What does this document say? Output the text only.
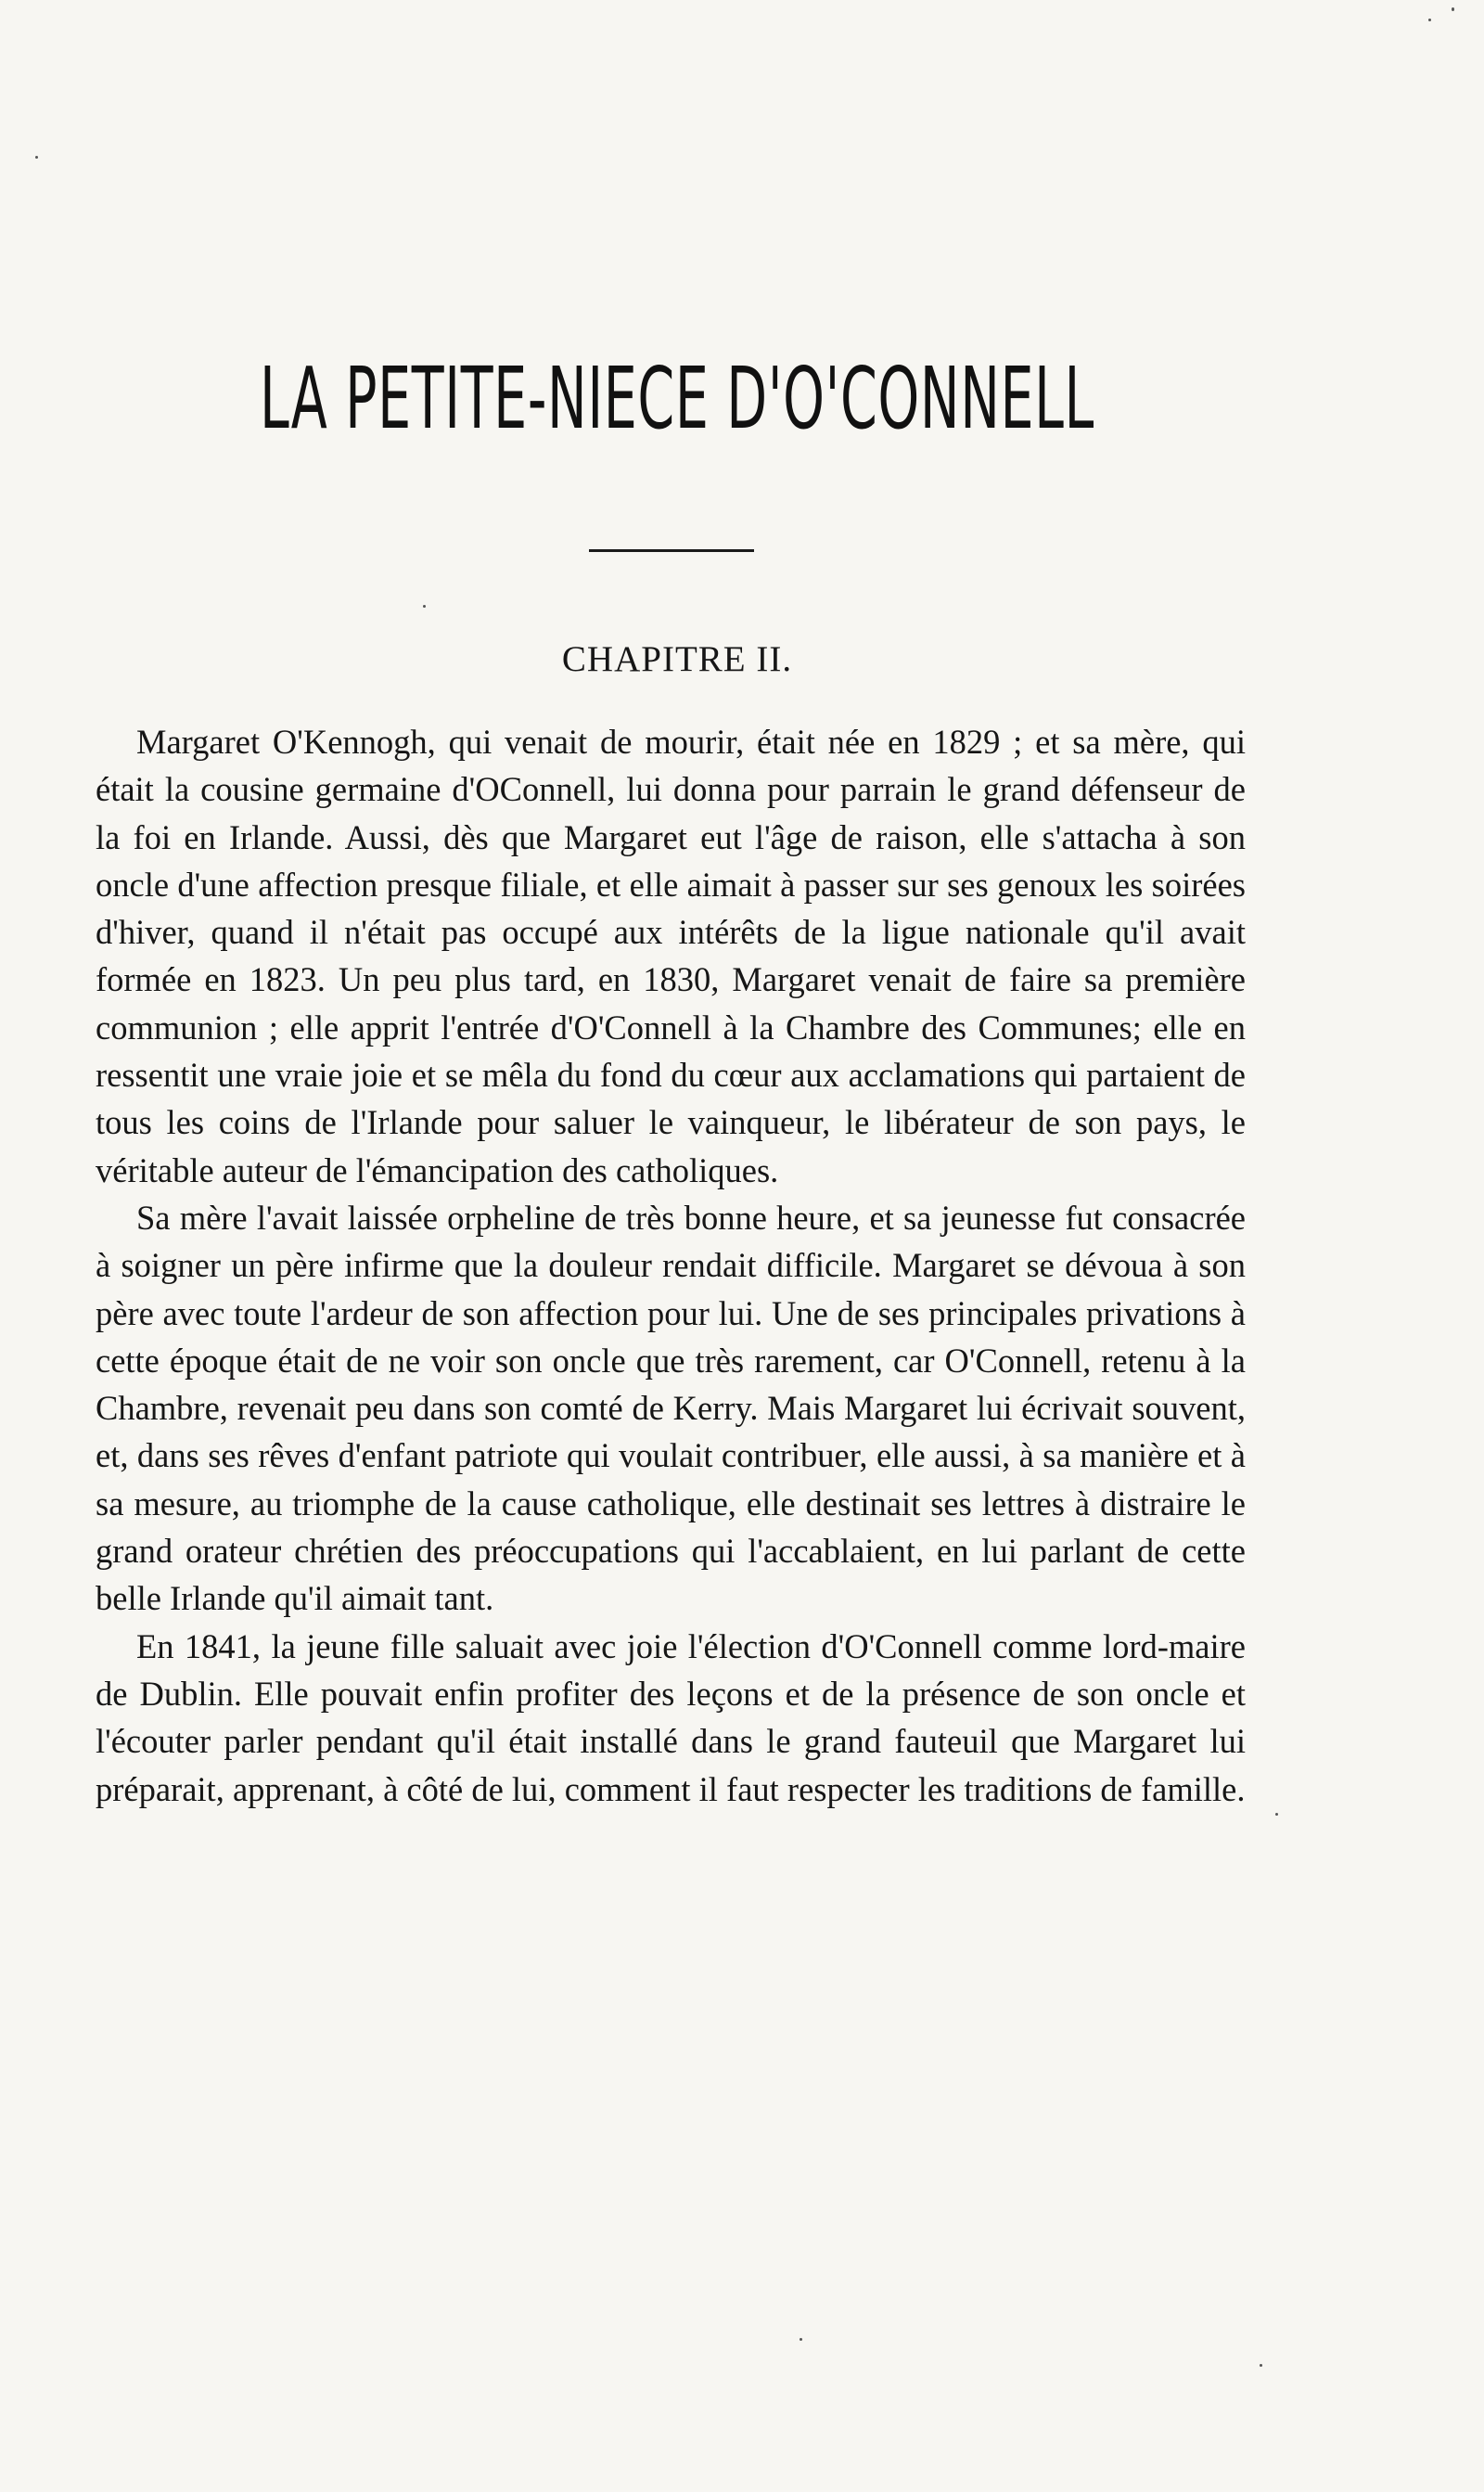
LA PETITE-NIECE D'O'CONNELL
CHAPITRE II.

Margaret O'Kennogh, qui venait de mourir, était née en 1829 ; et sa mère, qui était la cousine germaine d'OConnell, lui donna pour parrain le grand défenseur de la foi en Irlande. Aussi, dès que Margaret eut l'âge de raison, elle s'attacha à son oncle d'une affection presque filiale, et elle aimait à passer sur ses genoux les soirées d'hiver, quand il n'était pas occupé aux intérêts de la ligue nationale qu'il avait formée en 1823. Un peu plus tard, en 1830, Margaret venait de faire sa première communion ; elle apprit l'entrée d'O'Connell à la Chambre des Communes; elle en ressentit une vraie joie et se mêla du fond du cœur aux acclamations qui partaient de tous les coins de l'Irlande pour saluer le vainqueur, le libérateur de son pays, le véritable auteur de l'émancipation des catholiques.

Sa mère l'avait laissée orpheline de très bonne heure, et sa jeunesse fut consacrée à soigner un père infirme que la douleur rendait difficile. Margaret se dévoua à son père avec toute l'ardeur de son affection pour lui. Une de ses principales privations à cette époque était de ne voir son oncle que très rarement, car O'Connell, retenu à la Chambre, revenait peu dans son comté de Kerry. Mais Margaret lui écrivait souvent, et, dans ses rêves d'enfant patriote qui voulait contribuer, elle aussi, à sa manière et à sa mesure, au triomphe de la cause catholique, elle destinait ses lettres à distraire le grand orateur chrétien des préoccupations qui l'accablaient, en lui parlant de cette belle Irlande qu'il aimait tant.

En 1841, la jeune fille saluait avec joie l'élection d'O'Connell comme lord-maire de Dublin. Elle pouvait enfin profiter des leçons et de la présence de son oncle et l'écouter parler pendant qu'il était installé dans le grand fauteuil que Margaret lui préparait, apprenant, à côté de lui, comment il faut respecter les traditions de famille.
